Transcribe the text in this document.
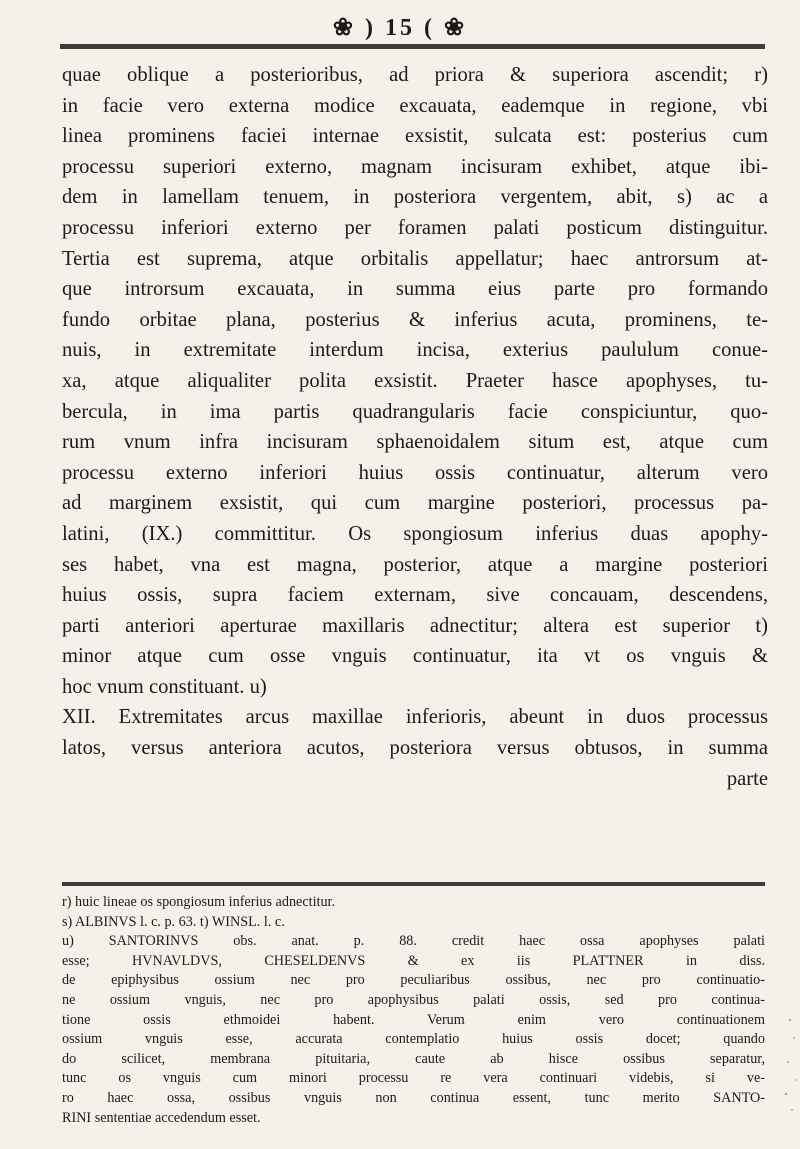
❀ ) 15 ( ❀

quae oblique a posterioribus, ad priora & superiora ascendit; r)

in facie vero externa modice excauata, eademque in regione, vbi

linea prominens faciei internae exsistit, sulcata est: posterius cum

processu superiori externo, magnam incisuram exhibet, atque ibi-

dem in lamellam tenuem, in posteriora vergentem, abit, s) ac a

processu inferiori externo per foramen palati posticum distinguitur.

Tertia est suprema, atque orbitalis appellatur; haec antrorsum at-

que introrsum excauata, in summa eius parte pro formando

fundo orbitae plana, posterius & inferius acuta, prominens, te-

nuis, in extremitate interdum incisa, exterius paululum conue-

xa, atque aliqualiter polita exsistit. Praeter hasce apophyses, tu-

bercula, in ima partis quadrangularis facie conspiciuntur, quo-

rum vnum infra incisuram sphaenoidalem situm est, atque cum

processu externo inferiori huius ossis continuatur, alterum vero

ad marginem exsistit, qui cum margine posteriori, processus pa-

latini, (IX.) committitur. Os spongiosum inferius duas apophy-

ses habet, vna est magna, posterior, atque a margine posteriori

huius ossis, supra faciem externam, sive concauam, descendens,

parti anteriori aperturae maxillaris adnectitur; altera est superior t)

minor atque cum osse vnguis continuatur, ita vt os vnguis &

hoc vnum constituant. u)

XII. Extremitates arcus maxillae inferioris, abeunt in duos processus

latos, versus anteriora acutos, posteriora versus obtusos, in summa

parte

r) huic lineae os spongiosum inferius adnectitur.

s) ALBINVS l. c. p. 63. t) WINSL. l. c.

u) SANTORINVS obs. anat. p. 88. credit haec ossa apophyses palati

esse; HVNAVLDVS, CHESELDENVS & ex iis PLATTNER in diss.

de epiphysibus ossium nec pro peculiaribus ossibus, nec pro continuatio-

ne ossium vnguis, nec pro apophysibus palati ossis, sed pro continua-

tione ossis ethmoidei habent. Verum enim vero continuationem

ossium vnguis esse, accurata contemplatio huius ossis docet; quando

do scilicet, membrana pituitaria, caute ab hisce ossibus separatur,

tunc os vnguis cum minori processu re vera continuari videbis, si ve-

ro haec ossa, ossibus vnguis non continua essent, tunc merito SANTO-

RINI sententiae accedendum esset.
